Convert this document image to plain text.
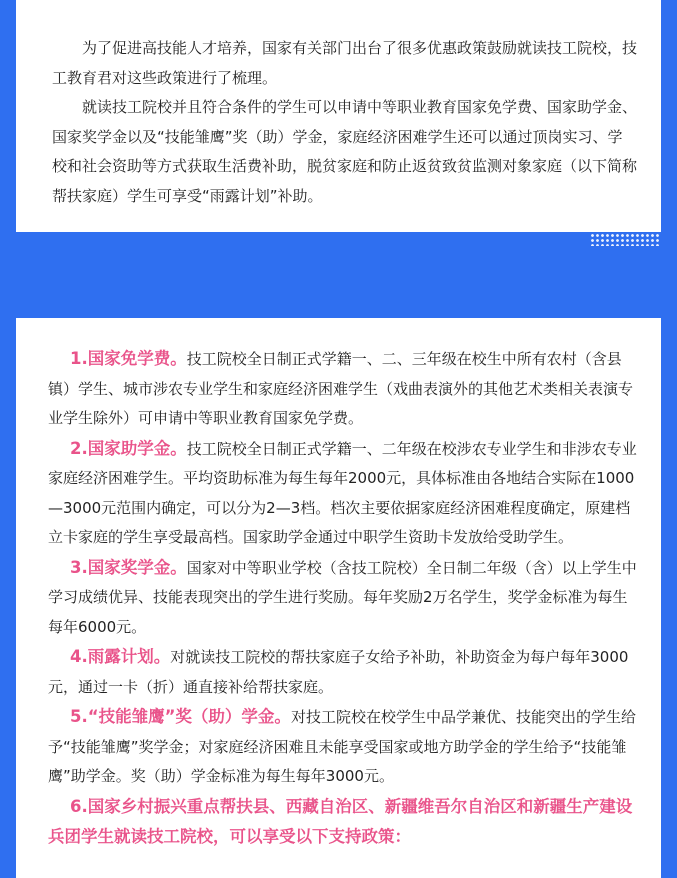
为了促进高技能人才培养，国家有关部门出台了很多优惠政策鼓励就读技工院校，技工教育君对这些政策进行了梳理。

就读技工院校并且符合条件的学生可以申请中等职业教育国家免学费、国家助学金、国家奖学金以及“技能雏鹰”奖（助）学金，家庭经济困难学生还可以通过顶岗实习、学校和社会资助等方式获取生活费补助，脱贫家庭和防止返贫致贫监测对象家庭（以下简称帮扶家庭）学生可享受“雨露计划”补助。

1.国家免学费。技工院校全日制正式学籍一、二、三年级在校生中所有农村（含县镇）学生、城市涉农专业学生和家庭经济困难学生（戏曲表演外的其他艺术类相关表演专业学生除外）可申请中等职业教育国家免学费。

2.国家助学金。技工院校全日制正式学籍一、二年级在校涉农专业学生和非涉农专业家庭经济困难学生。平均资助标准为每生每年2000元，具体标准由各地结合实际在1000—3000元范围内确定，可以分为2—3档。档次主要依据家庭经济困难程度确定，原建档立卡家庭的学生享受最高档。国家助学金通过中职学生资助卡发放给受助学生。

3.国家奖学金。国家对中等职业学校（含技工院校）全日制二年级（含）以上学生中学习成绩优异、技能表现突出的学生进行奖励。每年奖励2万名学生，奖学金标准为每生每年6000元。

4.雨露计划。对就读技工院校的帮扶家庭子女给予补助，补助资金为每户每年3000元，通过一卡（折）通直接补给帮扶家庭。

5.“技能雏鹰”奖（助）学金。对技工院校在校学生中品学兼优、技能突出的学生给予“技能雏鹰”奖学金；对家庭经济困难且未能享受国家或地方助学金的学生给予“技能雏鹰”助学金。奖（助）学金标准为每生每年3000元。

6.国家乡村振兴重点帮扶县、西藏自治区、新疆维吾尔自治区和新疆生产建设兵团学生就读技工院校，可以享受以下支持政策：
